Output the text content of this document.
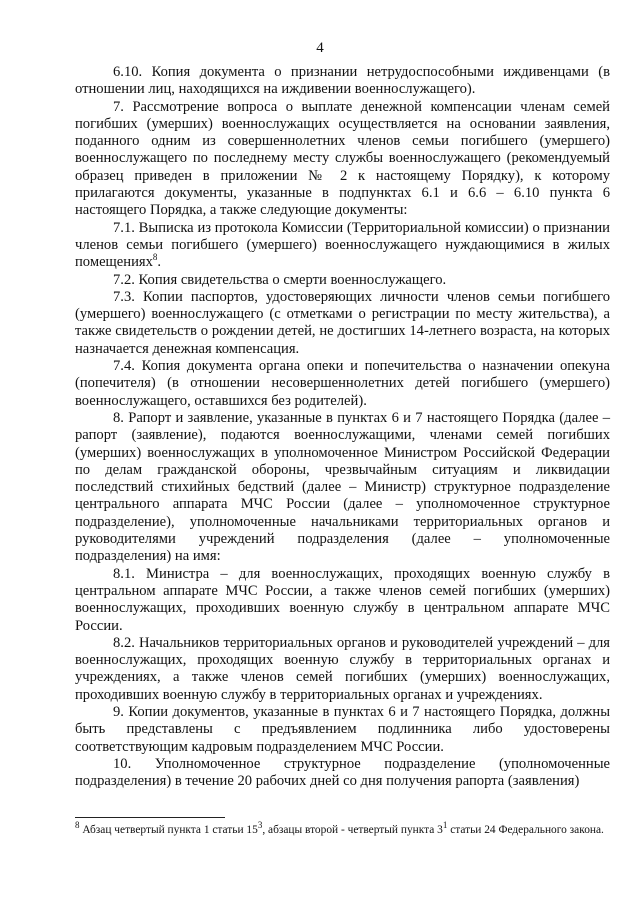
4

6.10. Копия документа о признании нетрудоспособными иждивенцами (в отношении лиц, находящихся на иждивении военнослужащего).

7. Рассмотрение вопроса о выплате денежной компенсации членам семей погибших (умерших) военнослужащих осуществляется на основании заявления, поданного одним из совершеннолетних членов семьи погибшего (умершего) военнослужащего по последнему месту службы военнослужащего (рекомендуемый образец приведен в приложении № 2 к настоящему Порядку), к которому прилагаются документы, указанные в подпунктах 6.1 и 6.6 – 6.10 пункта 6 настоящего Порядка, а также следующие документы:

7.1. Выписка из протокола Комиссии (Территориальной комиссии) о признании членов семьи погибшего (умершего) военнослужащего нуждающимися в жилых помещениях$^8$.

7.2. Копия свидетельства о смерти военнослужащего.

7.3. Копии паспортов, удостоверяющих личности членов семьи погибшего (умершего) военнослужащего (с отметками о регистрации по месту жительства), а также свидетельств о рождении детей, не достигших 14-летнего возраста, на которых назначается денежная компенсация.

7.4. Копия документа органа опеки и попечительства о назначении опекуна (попечителя) (в отношении несовершеннолетних детей погибшего (умершего) военнослужащего, оставшихся без родителей).

8. Рапорт и заявление, указанные в пунктах 6 и 7 настоящего Порядка (далее – рапорт (заявление), подаются военнослужащими, членами семей погибших (умерших) военнослужащих в уполномоченное Министром Российской Федерации по делам гражданской обороны, чрезвычайным ситуациям и ликвидации последствий стихийных бедствий (далее – Министр) структурное подразделение центрального аппарата МЧС России (далее – уполномоченное структурное подразделение), уполномоченные начальниками территориальных органов и руководителями учреждений подразделения (далее – уполномоченные подразделения) на имя:

8.1. Министра – для военнослужащих, проходящих военную службу в центральном аппарате МЧС России, а также членов семей погибших (умерших) военнослужащих, проходивших военную службу в центральном аппарате МЧС России.

8.2. Начальников территориальных органов и руководителей учреждений – для военнослужащих, проходящих военную службу в территориальных органах и учреждениях, а также членов семей погибших (умерших) военнослужащих, проходивших военную службу в территориальных органах и учреждениях.

9. Копии документов, указанные в пунктах 6 и 7 настоящего Порядка, должны быть представлены с предъявлением подлинника либо удостоверены соответствующим кадровым подразделением МЧС России.

10. Уполномоченное структурное подразделение (уполномоченные подразделения) в течение 20 рабочих дней со дня получения рапорта (заявления)

$^8$ Абзац четвертый пункта 1 статьи $15^3$, абзацы второй - четвертый пункта $3^1$ статьи 24 Федерального закона.
